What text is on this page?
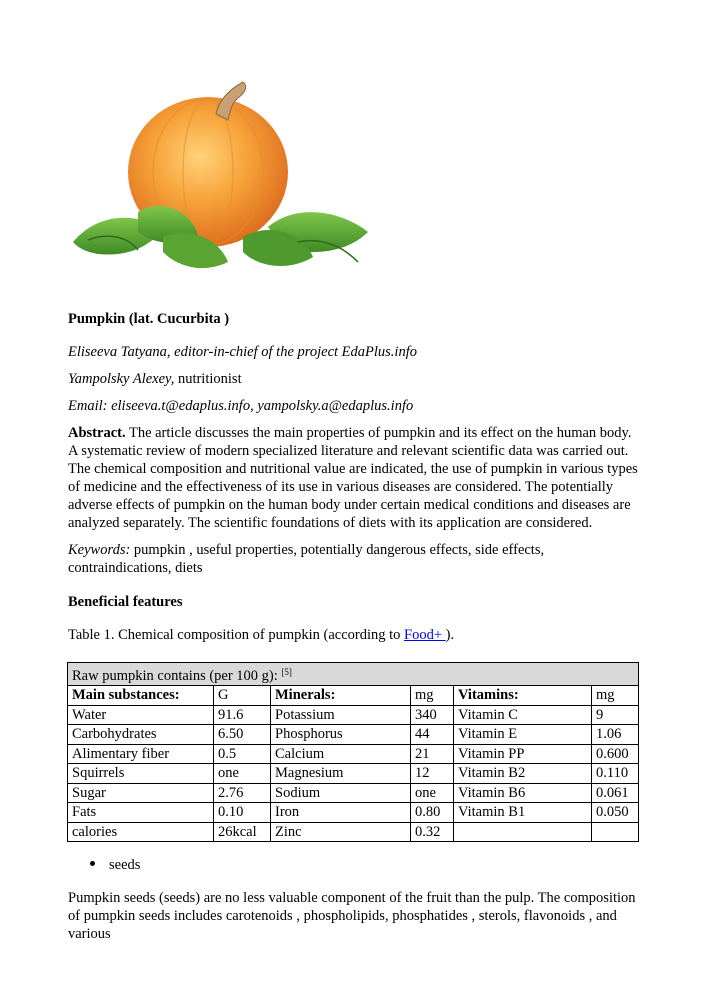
Pumpkin (lat. Cucurbita )
Eliseeva Tatyana, editor-in-chief of the project EdaPlus.info
Yampolsky Alexey, nutritionist
Email: eliseeva.t@edaplus.info, yampolsky.a@edaplus.info
Abstract. The article discusses the main properties of pumpkin and its effect on the human body. A systematic review of modern specialized literature and relevant scientific data was carried out. The chemical composition and nutritional value are indicated, the use of pumpkin in various types of medicine and the effectiveness of its use in various diseases are considered. The potentially adverse effects of pumpkin on the human body under certain medical conditions and diseases are analyzed separately. The scientific foundations of diets with its application are considered.
Keywords: pumpkin , useful properties, potentially dangerous effects, side effects, contraindications, diets
Beneficial features
Table 1. Chemical composition of pumpkin (according to Food+ ).
Raw pumpkin contains (per 100 g): [5]
Main substances:	G	Minerals:	mg	Vitamins:	mg
Water	91.6	Potassium	340	Vitamin C	9
Carbohydrates	6.50	Phosphorus	44	Vitamin E	1.06
Alimentary fiber	0.5	Calcium	21	Vitamin PP	0.600
Squirrels	one	Magnesium	12	Vitamin B2	0.110
Sugar	2.76	Sodium	one	Vitamin B6	0.061
Fats	0.10	Iron	0.80	Vitamin B1	0.050
calories	26kcal	Zinc	0.32		
seeds
Pumpkin seeds (seeds) are no less valuable component of the fruit than the pulp. The composition of pumpkin seeds includes carotenoids , phospholipids, phosphatides , sterols, flavonoids , and various
